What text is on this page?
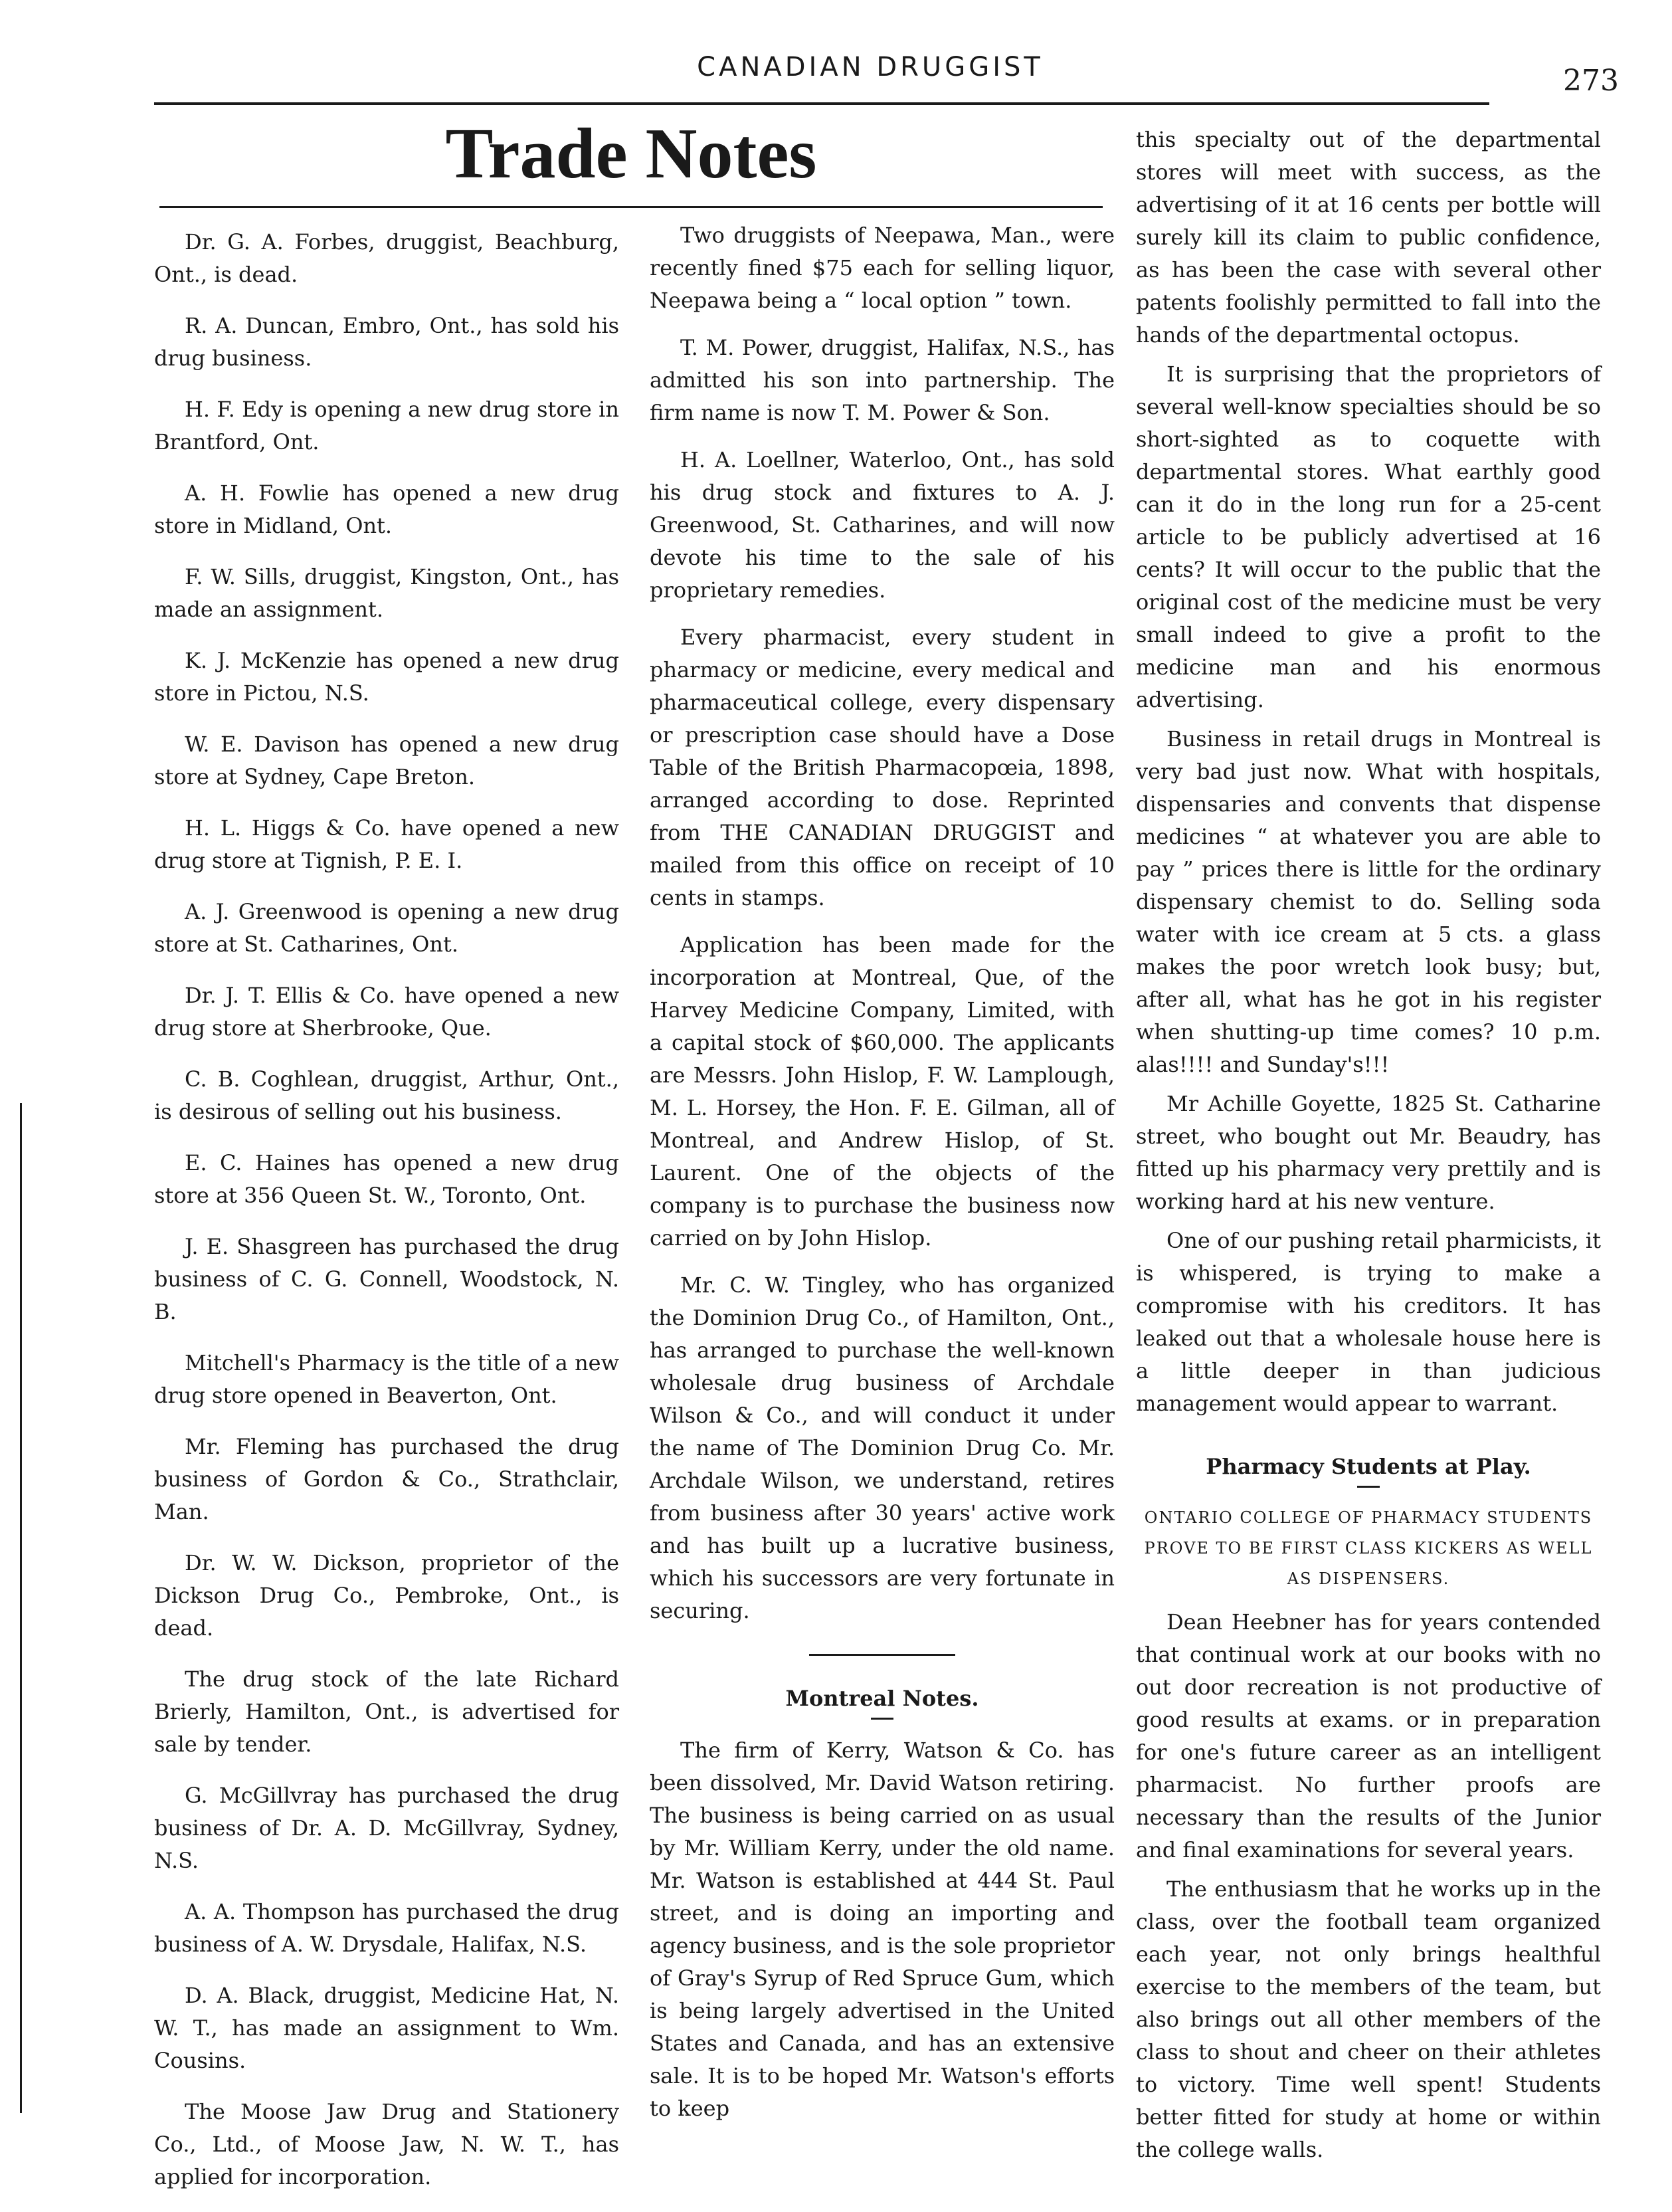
CANADIAN DRUGGIST	273
Trade Notes

Dr. G. A. Forbes, druggist, Beachburg, Ont., is dead.

R. A. Duncan, Embro, Ont., has sold his drug business.

H. F. Edy is opening a new drug store in Brantford, Ont.

A. H. Fowlie has opened a new drug store in Midland, Ont.

F. W. Sills, druggist, Kingston, Ont., has made an assignment.

K. J. McKenzie has opened a new drug store in Pictou, N.S.

W. E. Davison has opened a new drug store at Sydney, Cape Breton.

H. L. Higgs & Co. have opened a new drug store at Tignish, P. E. I.

A. J. Greenwood is opening a new drug store at St. Catharines, Ont.

Dr. J. T. Ellis & Co. have opened a new drug store at Sherbrooke, Que.

C. B. Coghlean, druggist, Arthur, Ont., is desirous of selling out his business.

E. C. Haines has opened a new drug store at 356 Queen St. W., Toronto, Ont.

J. E. Shasgreen has purchased the drug business of C. G. Connell, Woodstock, N. B.

Mitchell's Pharmacy is the title of a new drug store opened in Beaverton, Ont.

Mr. Fleming has purchased the drug business of Gordon & Co., Strathclair, Man.

Dr. W. W. Dickson, proprietor of the Dickson Drug Co., Pembroke, Ont., is dead.

The drug stock of the late Richard Brierly, Hamilton, Ont., is advertised for sale by tender.

G. McGillvray has purchased the drug business of Dr. A. D. McGillvray, Sydney, N.S.

A. A. Thompson has purchased the drug business of A. W. Drysdale, Halifax, N.S.

D. A. Black, druggist, Medicine Hat, N. W. T., has made an assignment to Wm. Cousins.

The Moose Jaw Drug and Stationery Co., Ltd., of Moose Jaw, N. W. T., has applied for incorporation.

Two druggists of Neepawa, Man., were recently fined $75 each for selling liquor, Neepawa being a “ local option ” town.

T. M. Power, druggist, Halifax, N.S., has admitted his son into partnership. The firm name is now T. M. Power & Son.

H. A. Loellner, Waterloo, Ont., has sold his drug stock and fixtures to A. J. Greenwood, St. Catharines, and will now devote his time to the sale of his proprietary remedies.

Every pharmacist, every student in pharmacy or medicine, every medical and pharmaceutical college, every dispensary or prescription case should have a Dose Table of the British Pharmacopœia, 1898, arranged according to dose. Reprinted from THE CANADIAN DRUGGIST and mailed from this office on receipt of 10 cents in stamps.

Application has been made for the incorporation at Montreal, Que, of the Harvey Medicine Company, Limited, with a capital stock of $60,000. The applicants are Messrs. John Hislop, F. W. Lamplough, M. L. Horsey, the Hon. F. E. Gilman, all of Montreal, and Andrew Hislop, of St. Laurent. One of the objects of the company is to purchase the business now carried on by John Hislop.

Mr. C. W. Tingley, who has organized the Dominion Drug Co., of Hamilton, Ont., has arranged to purchase the well-known wholesale drug business of Archdale Wilson & Co., and will conduct it under the name of The Dominion Drug Co. Mr. Archdale Wilson, we understand, retires from business after 30 years' active work and has built up a lucrative business, which his successors are very fortunate in securing.

Montreal Notes.

The firm of Kerry, Watson & Co. has been dissolved, Mr. David Watson retiring. The business is being carried on as usual by Mr. William Kerry, under the old name. Mr. Watson is established at 444 St. Paul street, and is doing an importing and agency business, and is the sole proprietor of Gray's Syrup of Red Spruce Gum, which is being largely advertised in the United States and Canada, and has an extensive sale. It is to be hoped Mr. Watson's efforts to keep

this specialty out of the departmental stores will meet with success, as the advertising of it at 16 cents per bottle will surely kill its claim to public confidence, as has been the case with several other patents foolishly permitted to fall into the hands of the departmental octopus.

It is surprising that the proprietors of several well-know specialties should be so short-sighted as to coquette with departmental stores. What earthly good can it do in the long run for a 25-cent article to be publicly advertised at 16 cents? It will occur to the public that the original cost of the medicine must be very small indeed to give a profit to the medicine man and his enormous advertising.

Business in retail drugs in Montreal is very bad just now. What with hospitals, dispensaries and convents that dispense medicines “ at whatever you are able to pay ” prices there is little for the ordinary dispensary chemist to do. Selling soda water with ice cream at 5 cts. a glass makes the poor wretch look busy; but, after all, what has he got in his register when shutting-up time comes? 10 p.m. alas!!!! and Sunday's!!!

Mr Achille Goyette, 1825 St. Catharine street, who bought out Mr. Beaudry, has fitted up his pharmacy very prettily and is working hard at his new venture.

One of our pushing retail pharmicists, it is whispered, is trying to make a compromise with his creditors. It has leaked out that a wholesale house here is a little deeper in than judicious management would appear to warrant.

Pharmacy Students at Play.
ONTARIO COLLEGE OF PHARMACY STUDENTS PROVE TO BE FIRST CLASS KICKERS AS WELL AS DISPENSERS.

Dean Heebner has for years contended that continual work at our books with no out door recreation is not productive of good results at exams. or in preparation for one's future career as an intelligent pharmacist. No further proofs are necessary than the results of the Junior and final examinations for several years.

The enthusiasm that he works up in the class, over the football team organized each year, not only brings healthful exercise to the members of the team, but also brings out all other members of the class to shout and cheer on their athletes to victory. Time well spent! Students better fitted for study at home or within the college walls.
